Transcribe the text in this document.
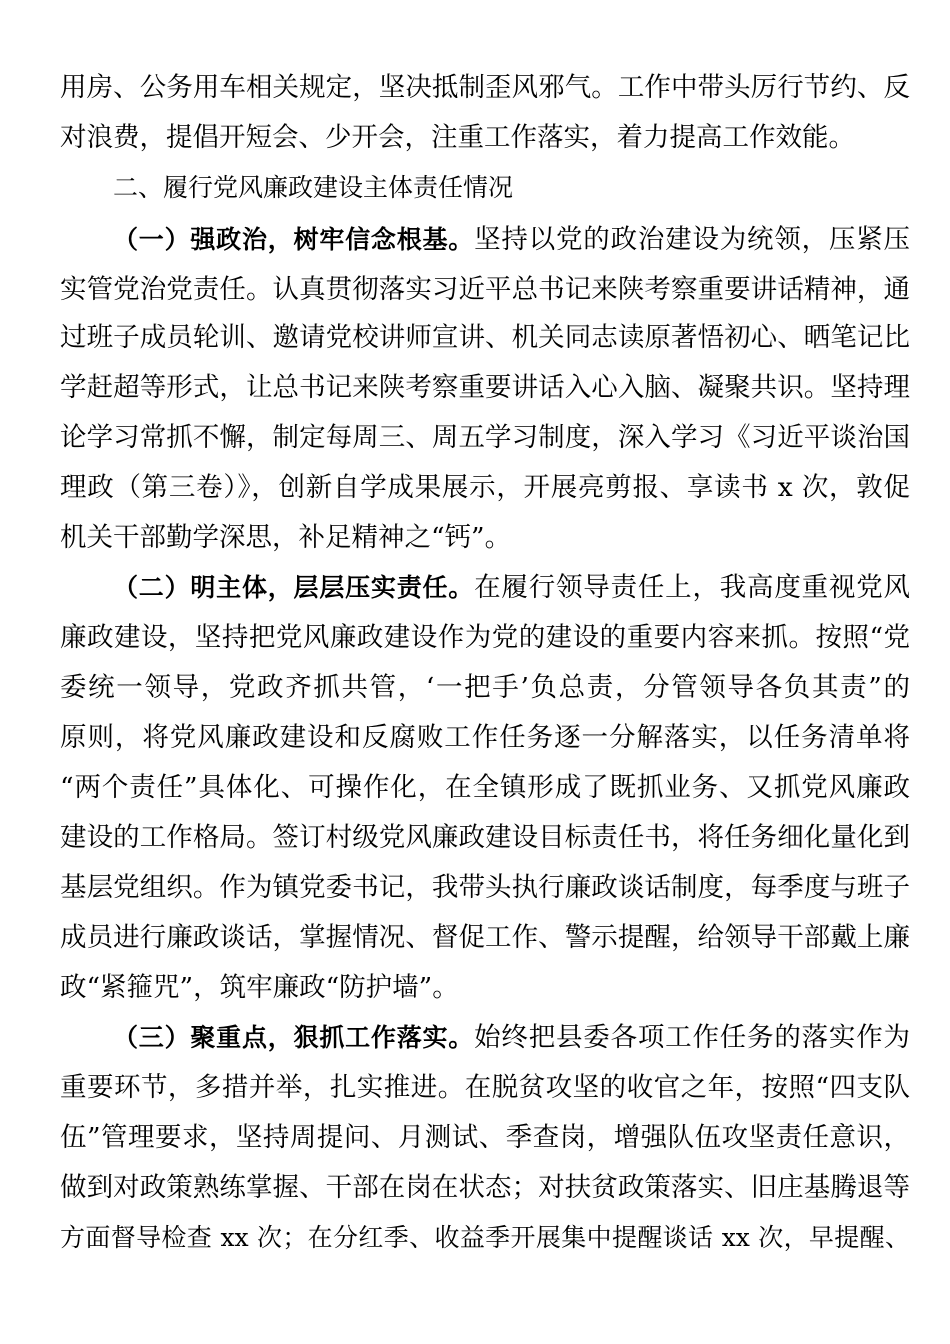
用房、公务用车相关规定，坚决抵制歪风邪气。工作中带头厉行节约、反
对浪费，提倡开短会、少开会，注重工作落实，着力提高工作效能。
二、履行党风廉政建设主体责任情况
（一）强政治，树牢信念根基。坚持以党的政治建设为统领，压紧压
实管党治党责任。认真贯彻落实习近平总书记来陕考察重要讲话精神，通
过班子成员轮训、邀请党校讲师宣讲、机关同志读原著悟初心、晒笔记比
学赶超等形式，让总书记来陕考察重要讲话入心入脑、凝聚共识。坚持理
论学习常抓不懈，制定每周三、周五学习制度，深入学习《习近平谈治国
理政（第三卷）》，创新自学成果展示，开展亮剪报、享读书 x 次，敦促
机关干部勤学深思，补足精神之“钙”。
（二）明主体，层层压实责任。在履行领导责任上，我高度重视党风
廉政建设，坚持把党风廉政建设作为党的建设的重要内容来抓。按照“党
委统一领导，党政齐抓共管，‘一把手’负总责，分管领导各负其责”的
原则，将党风廉政建设和反腐败工作任务逐一分解落实，以任务清单将
“两个责任”具体化、可操作化，在全镇形成了既抓业务、又抓党风廉政
建设的工作格局。签订村级党风廉政建设目标责任书，将任务细化量化到
基层党组织。作为镇党委书记，我带头执行廉政谈话制度，每季度与班子
成员进行廉政谈话，掌握情况、督促工作、警示提醒，给领导干部戴上廉
政“紧箍咒”，筑牢廉政“防护墙”。
（三）聚重点，狠抓工作落实。始终把县委各项工作任务的落实作为
重要环节，多措并举，扎实推进。在脱贫攻坚的收官之年，按照“四支队
伍”管理要求，坚持周提问、月测试、季查岗，增强队伍攻坚责任意识，
做到对政策熟练掌握、干部在岗在状态；对扶贫政策落实、旧庄基腾退等
方面督导检查 xx 次；在分红季、收益季开展集中提醒谈话 xx 次，早提醒、
